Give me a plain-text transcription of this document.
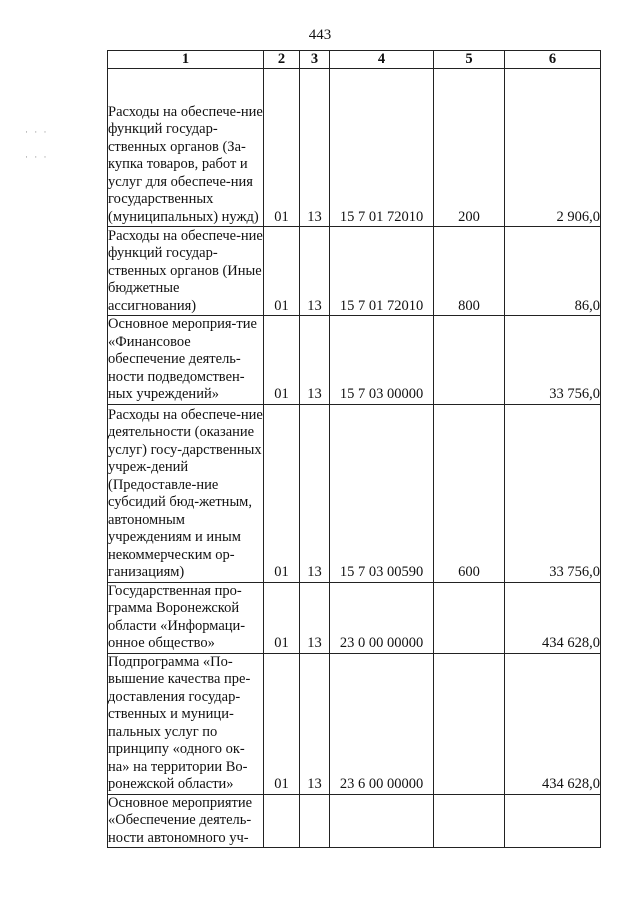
443
· · ·
· · ·
1	2	3	4	5	6
Расходы на обеспече-ние функций государ-ственных органов (За-купка товаров, работ и услуг для обеспече-ния государственных (муниципальных) нужд)	01	13	15 7 01 72010	200	2 906,0
Расходы на обеспече-ние функций государ-ственных органов (Иные бюджетные ассигнования)	01	13	15 7 01 72010	800	86,0
Основное мероприя-тие «Финансовое обеспечение деятель-ности подведомствен-ных учреждений»	01	13	15 7 03 00000		33 756,0
Расходы на обеспече-ние деятельности (оказание услуг) госу-дарственных учреж-дений (Предоставле-ние субсидий бюд-жетным, автономным учреждениям и иным некоммерческим ор-ганизациям)	01	13	15 7 03 00590	600	33 756,0
Государственная про-грамма Воронежской области «Информаци-онное общество»	01	13	23 0 00 00000		434 628,0
Подпрограмма «По-вышение качества пре-доставления государ-ственных и муници-пальных услуг по принципу «одного ок-на» на территории Во-ронежской области»	01	13	23 6 00 00000		434 628,0
Основное мероприятие «Обеспечение деятель-ности автономного уч-					
